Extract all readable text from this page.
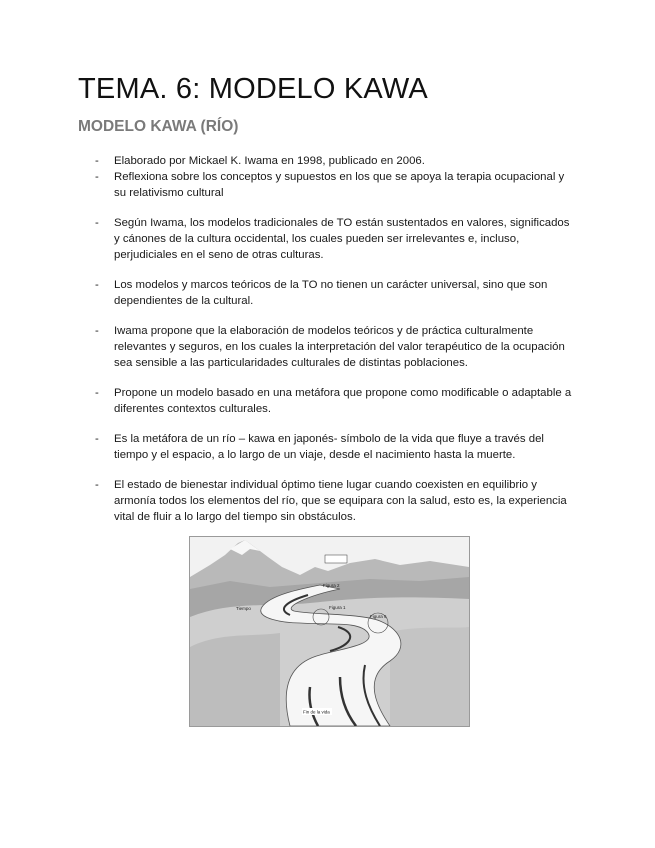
TEMA. 6: MODELO KAWA
MODELO KAWA (RÍO)
- Elaborado por Mickael K. Iwama en 1998, publicado en 2006.
- Reflexiona sobre los conceptos y supuestos en los que se apoya la terapia ocupacional y su relativismo cultural
- Según Iwama, los modelos tradicionales de TO están sustentados en valores, significados y cánones de la cultura occidental, los cuales pueden ser irrelevantes e, incluso, perjudiciales en el seno de otras culturas.
- Los modelos y marcos teóricos de la TO no tienen un carácter universal, sino que son dependientes de la cultural.
- Iwama propone que la elaboración de modelos teóricos y de práctica culturalmente relevantes y seguros, en los cuales la interpretación del valor terapéutico de la ocupación sea sensible a las particularidades culturales de distintas poblaciones.
- Propone un modelo basado en una metáfora que propone como modificable o adaptable a diferentes contextos culturales.
- Es la metáfora de un río – kawa en japonés- símbolo de la vida que fluye a través del tiempo y el espacio, a lo largo de un viaje, desde el nacimiento hasta la muerte.
- El estado de bienestar individual óptimo tiene lugar cuando coexisten en equilibrio y armonía todos los elementos del río, que se equipara con la salud, esto es, la experiencia vital de fluir a lo largo del tiempo sin obstáculos.
Tiempo
Figura 2
Figura 1
Figura 6
Fin de la vida
